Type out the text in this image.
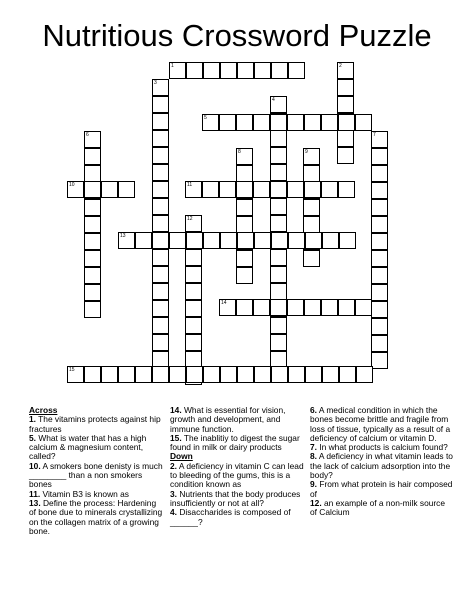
Nutritious Crossword Puzzle
1	2
3
4
5
6	7
8	9
10	11
12
13
14
15
Across
1. The vitamins protects against hip fractures
5. What is water that has a high calcium & magnesium content, called?
10. A smokers bone denisty is much ________ than a non smokers bones
11. Vitamin B3 is known as
13. Define the process: Hardening of bone due to minerals crystallizing on the collagen matrix of a growing bone.
14. What is essential for vision, growth and development, and immune function.
15. The inablitiy to digest the sugar found in milk or dairy products
Down
2. A deficiency in vitamin C can lead to bleeding of the gums, this is a condition known as
3. Nutrients that the body produces insufficiently or not at all?
4. Disaccharides is composed of ______?
6. A medical condition in which the bones become brittle and fragile from loss of tissue, typically as a result of a deficiency of calcium or vitamin D.
7. In what products is calcium found?
8. A deficiency in what vitamin leads to the lack of calcium adsorption into the body?
9. From what protein is hair composed of
12. an example of a non-milk source of Calcium
